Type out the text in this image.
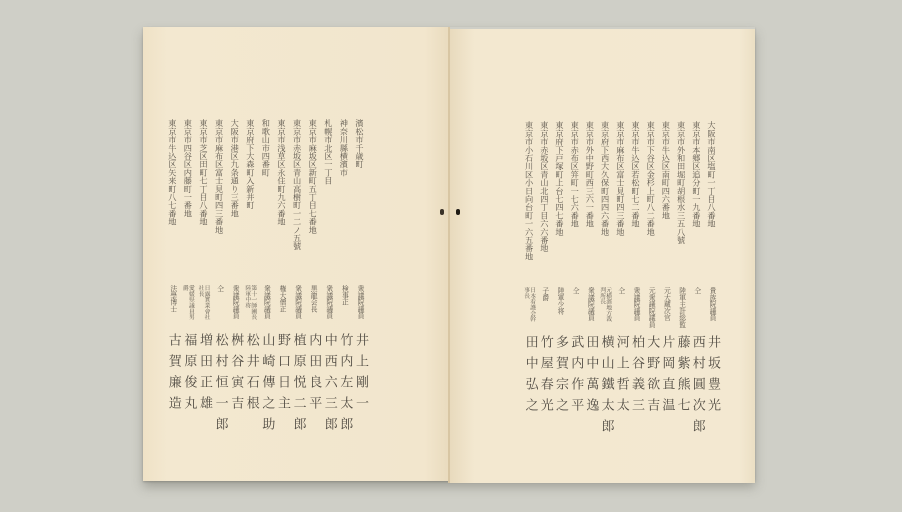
濱松市千歳町
衆議院議員
井上剛一
神奈川縣横濱市
検事正
竹内左太郎
札幌市北区一丁目
衆議院議員
中西六三郎
東京市麻坂区新町五丁目七番地
黒龍会長
内田良平
東京市赤坂区青山高樹町一二ノ五號
衆議院議員
植原悦二郎
東京市浅草区永住町九六番地
権大僧正
野口日主
和歌山市四番町
衆議院議員
山崎傳之助
東京府下大森町入新井町
第十一師團長陸軍中将
松井石根
大阪市港区九条通り三番地
衆議院議員
桝谷寅吉
東京市麻布区富士見町四三番地
仝
松村恒一郎
東京市芝区田町七丁目八番地
日露實業會社社長
増田正雄
東京市四谷区内藤町一番地
愛媛県議員男爵
福原俊丸
東京市牛込区矢来町八七番地
法學博士
古賀廉造
大阪市南区塩町一丁目八番地
貴族院議員
井坂豊光
東京市本郷区追分町一九番地
仝
西村圓次郎
東京市外和田堀町胡根水三五八號
陸軍主計総監
藤紫熊七
東京市牛込区南町四六番地
元大蔵次官
片岡直温
東京市下谷区金杉上町八二番地
元衆議院議員
大野欲吉
東京市牛込区若松町七二番地
衆議院議員
柏谷義三
東京市麻布区富士見町四三番地
仝
河上哲太
東京府下西大久保町四四六番地
元横濱地方裁判所長
横山鐵太郎
東京市外中野町西三六一番地
衆議院議員
田中萬逸
東京市赤布区笄町一七六番地
仝
武内作平
東京府下戸塚町上台七四七番地
陸軍少将
多賀宗之
東京市赤坂区青山北四丁目六六番地
子爵
竹屋春光
東京市小石川区小日向台町一六五番地
日本看護会幹事長
田中弘之
